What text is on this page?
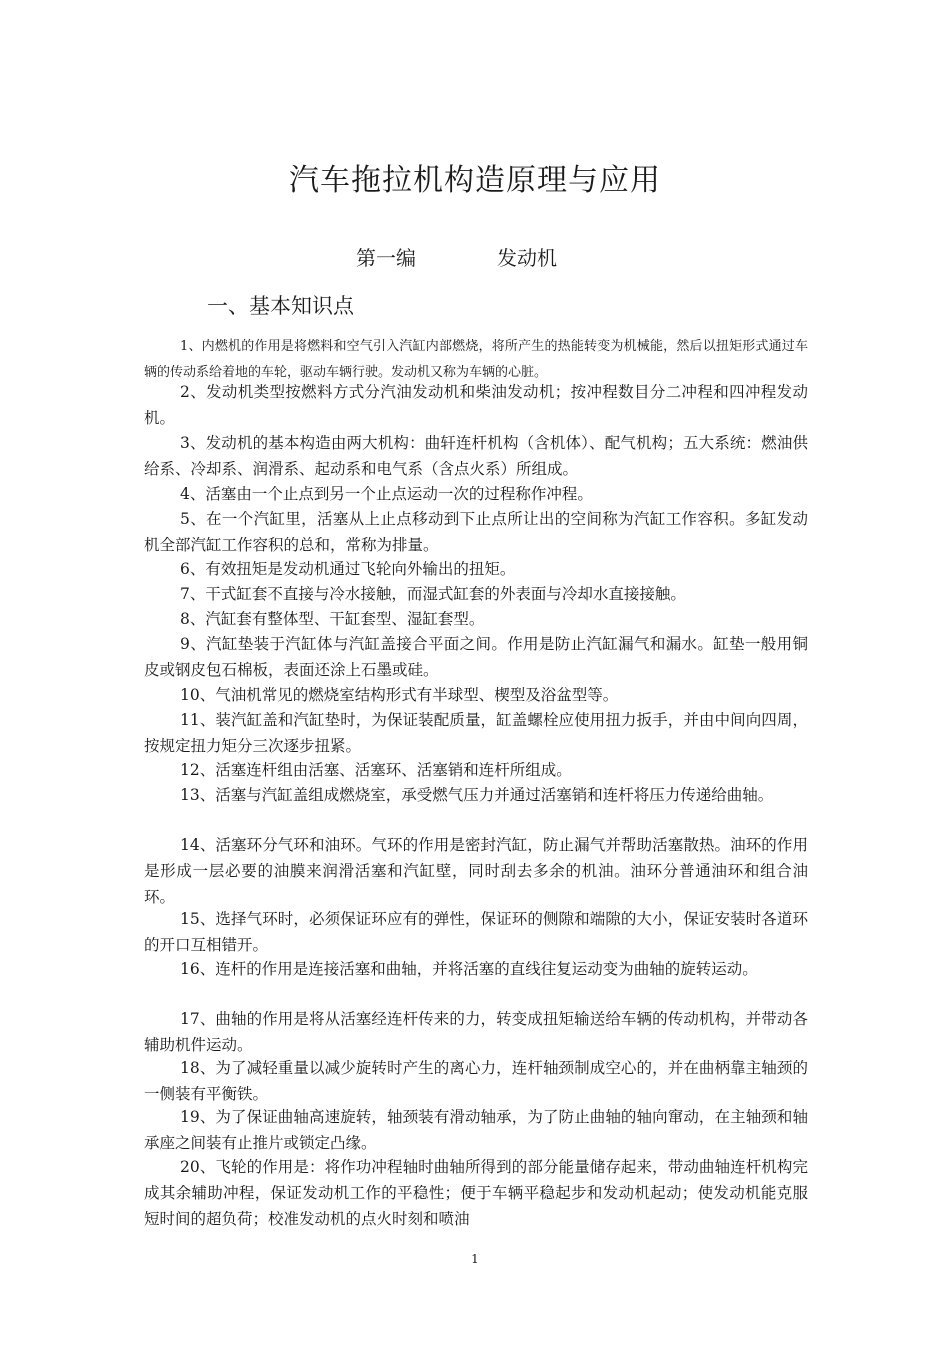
汽车拖拉机构造原理与应用
第一编	发动机
一、基本知识点

1、内燃机的作用是将燃料和空气引入汽缸内部燃烧，将所产生的热能转变为机械能，然后以扭矩形式通过车辆的传动系给着地的车轮，驱动车辆行驶。发动机又称为车辆的心脏。

2、发动机类型按燃料方式分汽油发动机和柴油发动机；按冲程数目分二冲程和四冲程发动机。

3、发动机的基本构造由两大机构：曲轩连杆机构（含机体）、配气机构；五大系统：燃油供给系、冷却系、润滑系、起动系和电气系（含点火系）所组成。

4、活塞由一个止点到另一个止点运动一次的过程称作冲程。

5、在一个汽缸里，活塞从上止点移动到下止点所让出的空间称为汽缸工作容积。多缸发动机全部汽缸工作容积的总和，常称为排量。

6、有效扭矩是发动机通过飞轮向外输出的扭矩。

7、干式缸套不直接与冷水接触，而湿式缸套的外表面与冷却水直接接触。

8、汽缸套有整体型、干缸套型、湿缸套型。

9、汽缸垫装于汽缸体与汽缸盖接合平面之间。作用是防止汽缸漏气和漏水。缸垫一般用铜皮或钢皮包石棉板，表面还涂上石墨或硅。

10、气油机常见的燃烧室结构形式有半球型、楔型及浴盆型等。

11、装汽缸盖和汽缸垫时，为保证装配质量，缸盖螺栓应使用扭力扳手，并由中间向四周，按规定扭力矩分三次逐步扭紧。

12、活塞连杆组由活塞、活塞环、活塞销和连杆所组成。

13、活塞与汽缸盖组成燃烧室，承受燃气压力并通过活塞销和连杆将压力传递给曲轴。

14、活塞环分气环和油环。气环的作用是密封汽缸，防止漏气并帮助活塞散热。油环的作用是形成一层必要的油膜来润滑活塞和汽缸壁，同时刮去多余的机油。油环分普通油环和组合油环。

15、选择气环时，必须保证环应有的弹性，保证环的侧隙和端隙的大小，保证安装时各道环的开口互相错开。

16、连杆的作用是连接活塞和曲轴，并将活塞的直线往复运动变为曲轴的旋转运动。

17、曲轴的作用是将从活塞经连杆传来的力，转变成扭矩输送给车辆的传动机构，并带动各辅助机件运动。

18、为了减轻重量以减少旋转时产生的离心力，连杆轴颈制成空心的，并在曲柄靠主轴颈的一侧装有平衡铁。

19、为了保证曲轴高速旋转，轴颈装有滑动轴承，为了防止曲轴的轴向窜动，在主轴颈和轴承座之间装有止推片或锁定凸缘。

20、飞轮的作用是：将作功冲程轴时曲轴所得到的部分能量储存起来，带动曲轴连杆机构完成其余辅助冲程，保证发动机工作的平稳性；便于车辆平稳起步和发动机起动；使发动机能克服短时间的超负荷；校准发动机的点火时刻和喷油

1
